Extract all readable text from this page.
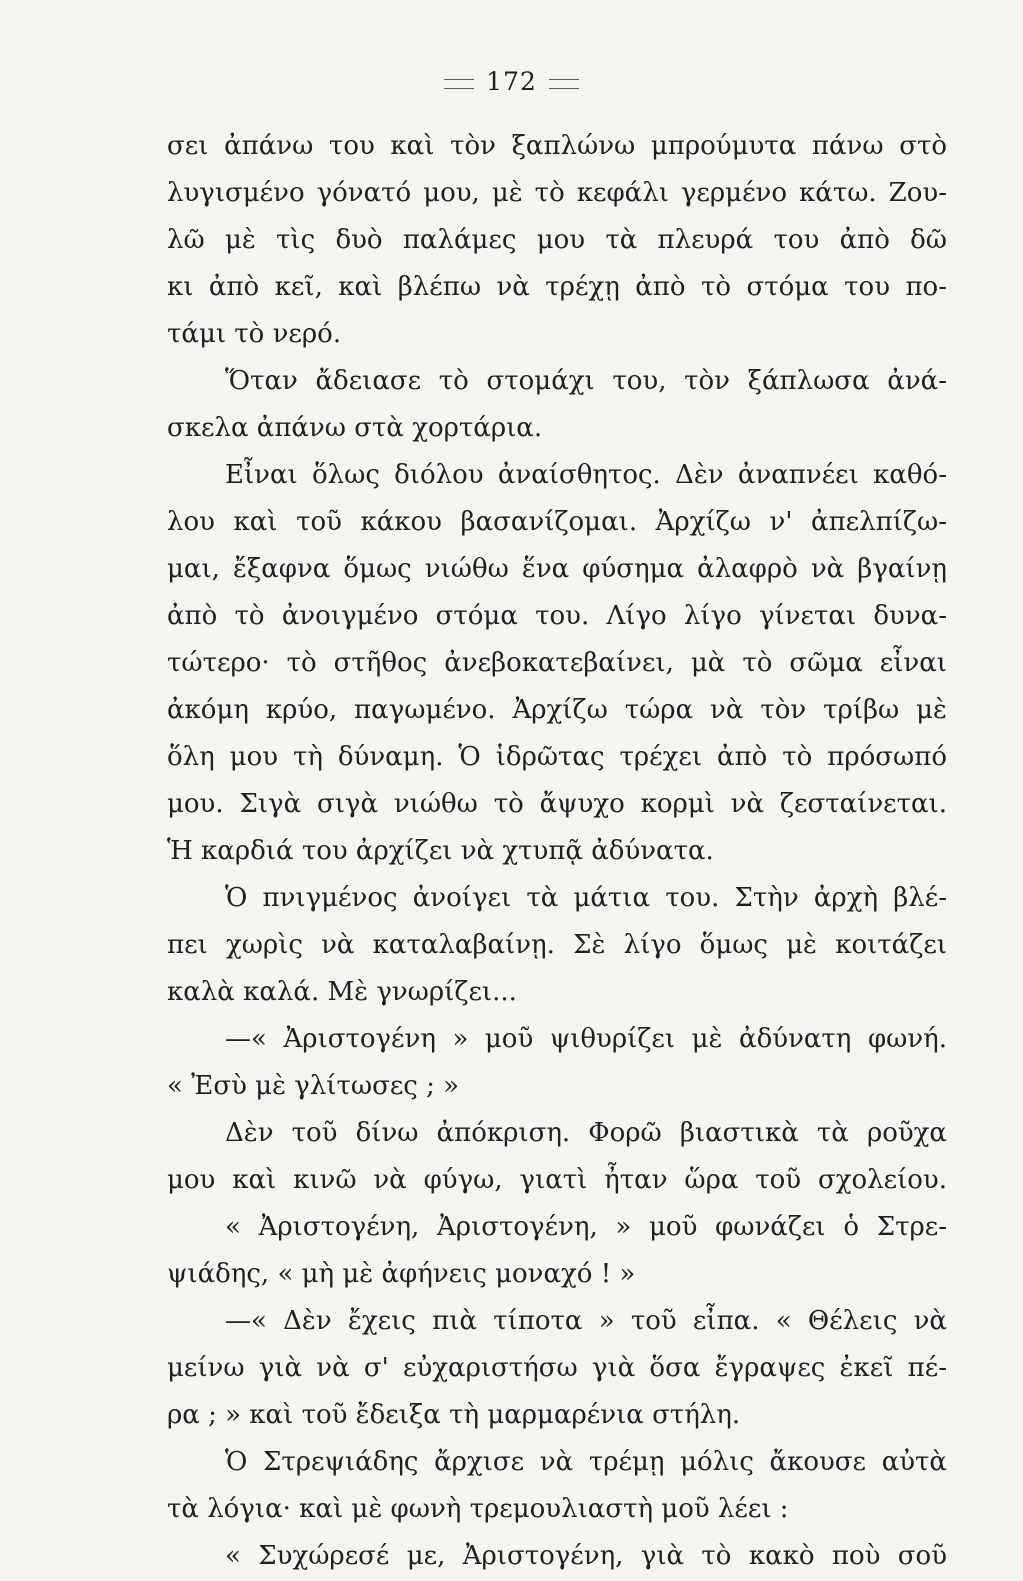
172
σει ἀπάνω του καὶ τὸν ξαπλώνω μπρούμυτα πάνω στὸ
λυγισμένο γόνατό μου, μὲ τὸ κεφάλι γερμένο κάτω. Ζου-
λῶ μὲ τὶς δυὸ παλάμες μου τὰ πλευρά του ἀπὸ δῶ
κι ἀπὸ κεῖ, καὶ βλέπω νὰ τρέχῃ ἀπὸ τὸ στόμα του πο-
τάμι τὸ νερό.
Ὅταν ἄδειασε τὸ στομάχι του, τὸν ξάπλωσα ἀνά-
σκελα ἀπάνω στὰ χορτάρια.
Εἶναι ὅλως διόλου ἀναίσθητος. Δὲν ἀναπνέει καθό-
λου καὶ τοῦ κάκου βασανίζομαι. Ἀρχίζω ν' ἀπελπίζω-
μαι, ἔξαφνα ὅμως νιώθω ἕνα φύσημα ἀλαφρὸ νὰ βγαίνῃ
ἀπὸ τὸ ἀνοιγμένο στόμα του. Λίγο λίγο γίνεται δυνα-
τώτερο· τὸ στῆθος ἀνεβοκατεβαίνει, μὰ τὸ σῶμα εἶναι
ἀκόμη κρύο, παγωμένο. Ἀρχίζω τώρα νὰ τὸν τρίβω μὲ
ὅλη μου τὴ δύναμη. Ὁ ἱδρῶτας τρέχει ἀπὸ τὸ πρόσωπό
μου. Σιγὰ σιγὰ νιώθω τὸ ἄψυχο κορμὶ νὰ ζεσταίνεται.
Ἡ καρδιά του ἀρχίζει νὰ χτυπᾷ ἀδύνατα.
Ὁ πνιγμένος ἀνοίγει τὰ μάτια του. Στὴν ἀρχὴ βλέ-
πει χωρὶς νὰ καταλαβαίνῃ. Σὲ λίγο ὅμως μὲ κοιτάζει
καλὰ καλά. Μὲ γνωρίζει...
—« Ἀριστογένη » μοῦ ψιθυρίζει μὲ ἀδύνατη φωνή.
« Ἐσὺ μὲ γλίτωσες ; »
Δὲν τοῦ δίνω ἀπόκριση. Φορῶ βιαστικὰ τὰ ροῦχα
μου καὶ κινῶ νὰ φύγω, γιατὶ ἦταν ὥρα τοῦ σχολείου.
« Ἀριστογένη, Ἀριστογένη, » μοῦ φωνάζει ὁ Στρε-
ψιάδης, « μὴ μὲ ἀφήνεις μοναχό ! »
—« Δὲν ἔχεις πιὰ τίποτα » τοῦ εἶπα. « Θέλεις νὰ
μείνω γιὰ νὰ σ' εὐχαριστήσω γιὰ ὅσα ἔγραψες ἐκεῖ πέ-
ρα ; » καὶ τοῦ ἔδειξα τὴ μαρμαρένια στήλη.
Ὁ Στρεψιάδης ἄρχισε νὰ τρέμῃ μόλις ἄκουσε αὐτὰ
τὰ λόγια· καὶ μὲ φωνὴ τρεμουλιαστὴ μοῦ λέει :
« Συχώρεσέ με, Ἀριστογένη, γιὰ τὸ κακὸ ποὺ σοῦ
